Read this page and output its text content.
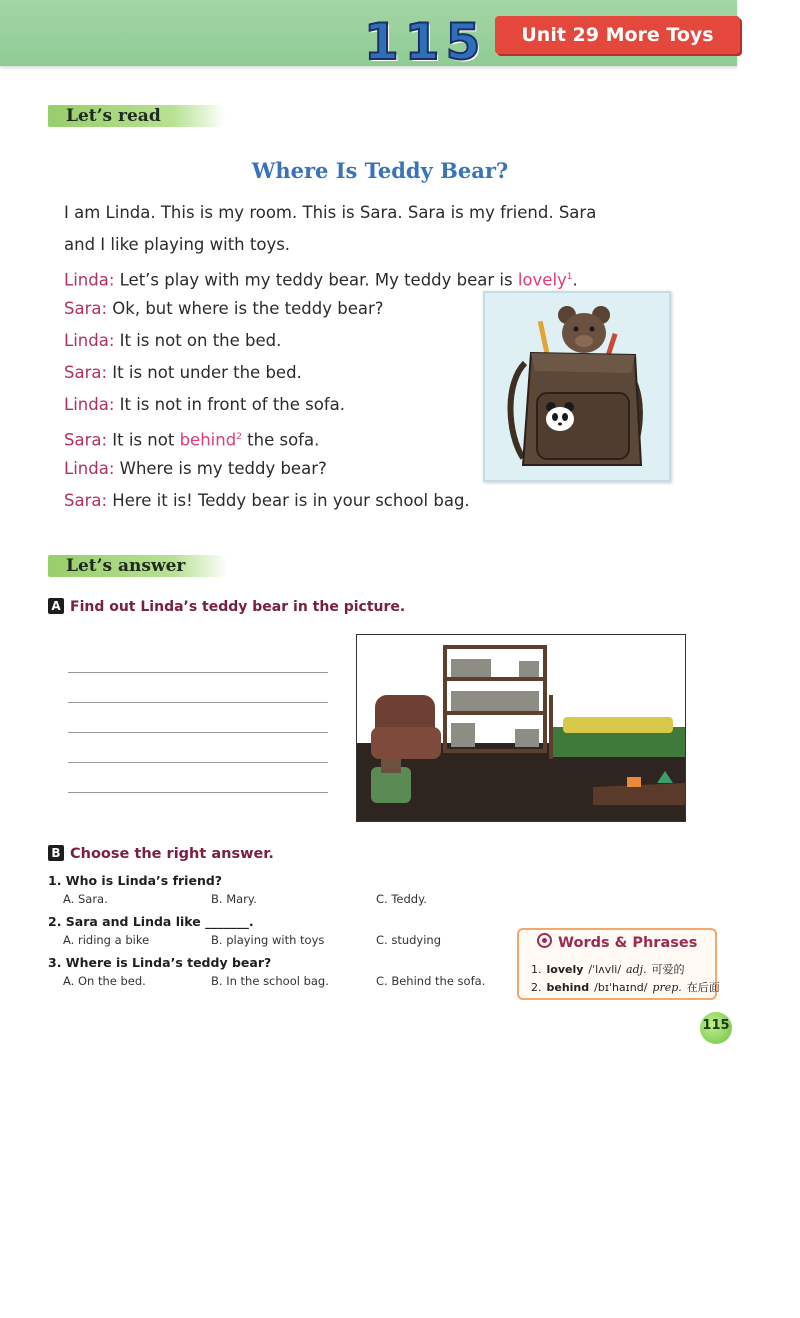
115	Unit 29 More Toys
Let’s read
Where Is Teddy Bear?
I am Linda. This is my room. This is Sara. Sara is my friend. Sara and I like playing with toys.
Linda: Let’s play with my teddy bear. My teddy bear is lovely$^1$.
Sara: Ok, but where is the teddy bear?
Linda: It is not on the bed.
Sara: It is not under the bed.
Linda: It is not in front of the sofa.
Sara: It is not behind$^2$ the sofa.
Linda: Where is my teddy bear?
Sara: Here it is! Teddy bear is in your school bag.
Let’s answer
A Find out Linda’s teddy bear in the picture.
B Choose the right answer.
1. Who is Linda’s friend?
A. Sara.	B. Mary.	C. Teddy.
2. Sara and Linda like _______.
A. riding a bike	B. playing with toys	C. studying
3. Where is Linda’s teddy bear?
A. On the bed.	B. In the school bag.	C. Behind the sofa.
Words & Phrases
1. lovely /ˈlʌvli/ adj. 可爱的
2. behind /bɪˈhaɪnd/ prep. 在后面
115
